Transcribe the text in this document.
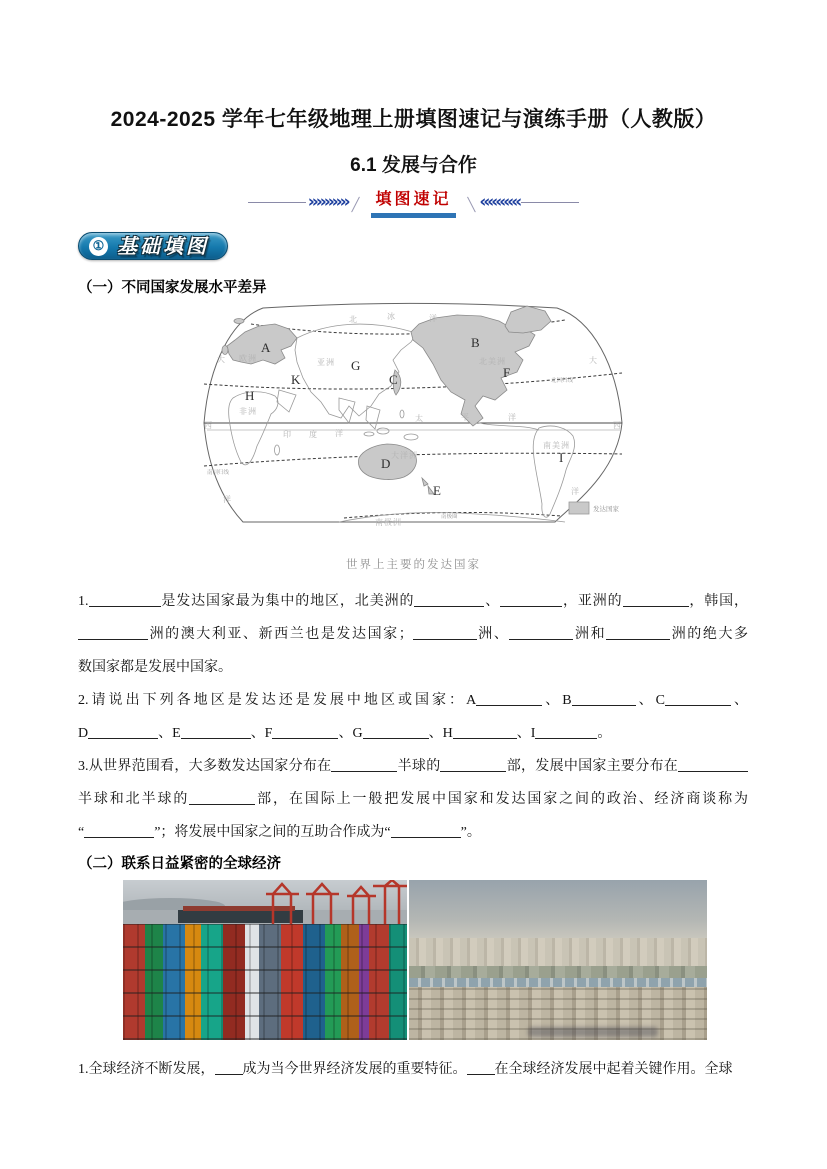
2024-2025 学年七年级地理上册填图速记与演练手册（人教版）
6.1 发展与合作
»»»»» ╱ 填图速记	╲ «««««
① 基础填图
（一）不同国家发展水平差异
A	B
C
D
E
F
G
H
I
K
欧洲	亚洲	北美洲
非洲
南美洲
大洋洲
南极洲
北	冰	洋
大
西
洋
大
西
洋
印 度 洋
太	平	洋
北回归线
南回归线
南极圈
发达国家
世界上主要的发达国家

1.	是发达国家最为集中的地区，北美洲的	、	，亚洲的	，韩国，

洲的澳大利亚、新西兰也是发达国家；	洲、	洲和	洲的绝大多

数国家都是发展中国家。

2.请说出下列各地区是发达还是发展中地区或国家：A	、B	、C	、

D	、E	、F	、G	、H	、I	。

3.从世界范围看，大多数发达国家分布在	半球的	部，发展中国家主要分布在

半球和北半球的	部，在国际上一般把发展中国家和发达国家之间的政治、经济商谈称为

“	”；将发展中国家之间的互助合作成为“	”。

（二）联系日益紧密的全球经济

1.全球经济不断发展， 成为当今世界经济发展的重要特征。 在全球经济发展中起着关键作用。全球
